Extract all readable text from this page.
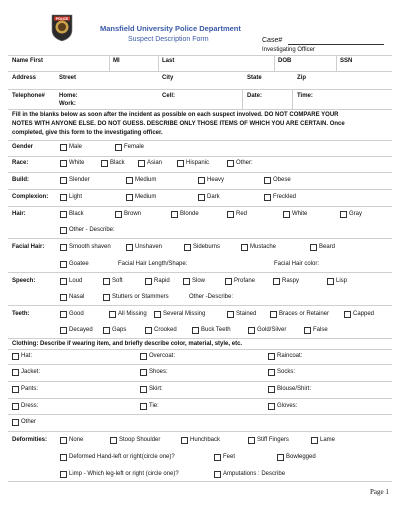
POLICE
Mansfield University Police Department
Suspect Description Form	Case#
Investigating Officer
Name First	MI	Last	DOB	SSN
Address	Street	City	State	Zip
Telephone# Home:
Work:
Cell:	Date:	Time:
Fill in the blanks below as soon after the incident as possible on each suspect involved. DO NOT COMPARE YOUR
NOTES WITH ANYONE ELSE. DO NOT GUESS. DESCRIBE ONLY THOSE ITEMS OF WHICH YOU ARE CERTAIN. Once
completed, give this form to the investigating officer.
Gender	Male	Female
Race:	White	Black	Asian	Hispanic	Other:
Build:	Slender	Medium	Heavy	Obese
Complexion:	Light	Medium	Dark	Freckled
Hair:	Black	Brown	Blonde	Red	White	Gray
Other - Describe:
Facial Hair:	Smooth shaven	Unshaven	Sideburns	Mustache	Beard
Goatee	Facial Hair Length/Shape:	Facial Hair color:
Speech:	Loud	Soft	Rapid	Slow	Profane	Raspy	Lisp
Nasal	Stutters or Stammers	Other -Describe:
Teeth:	Good	All Missing	Several Missing	Stained	Braces or Retainer	Capped
Decayed	Gaps	Crooked	Buck Teeth	Gold/Silver	False
Clothing: Describe if wearing item, and briefly describe color, material, style, etc.
Hat:	Overcoat:	Raincoat:
Jacket:	Shoes:	Socks:
Pants:	Skirt:	Blouse/Shirt:
Dress:	Tie:	Gloves:
Other
Deformities:	None	Stoop Shoulder	Hunchback	Stiff Fingers	Lame
Deformed Hand-left or right(circle one)?	Feet	Bowlegged
Limp - Which leg-left or right (circle one)?	Amputations : Describe
Page 1
